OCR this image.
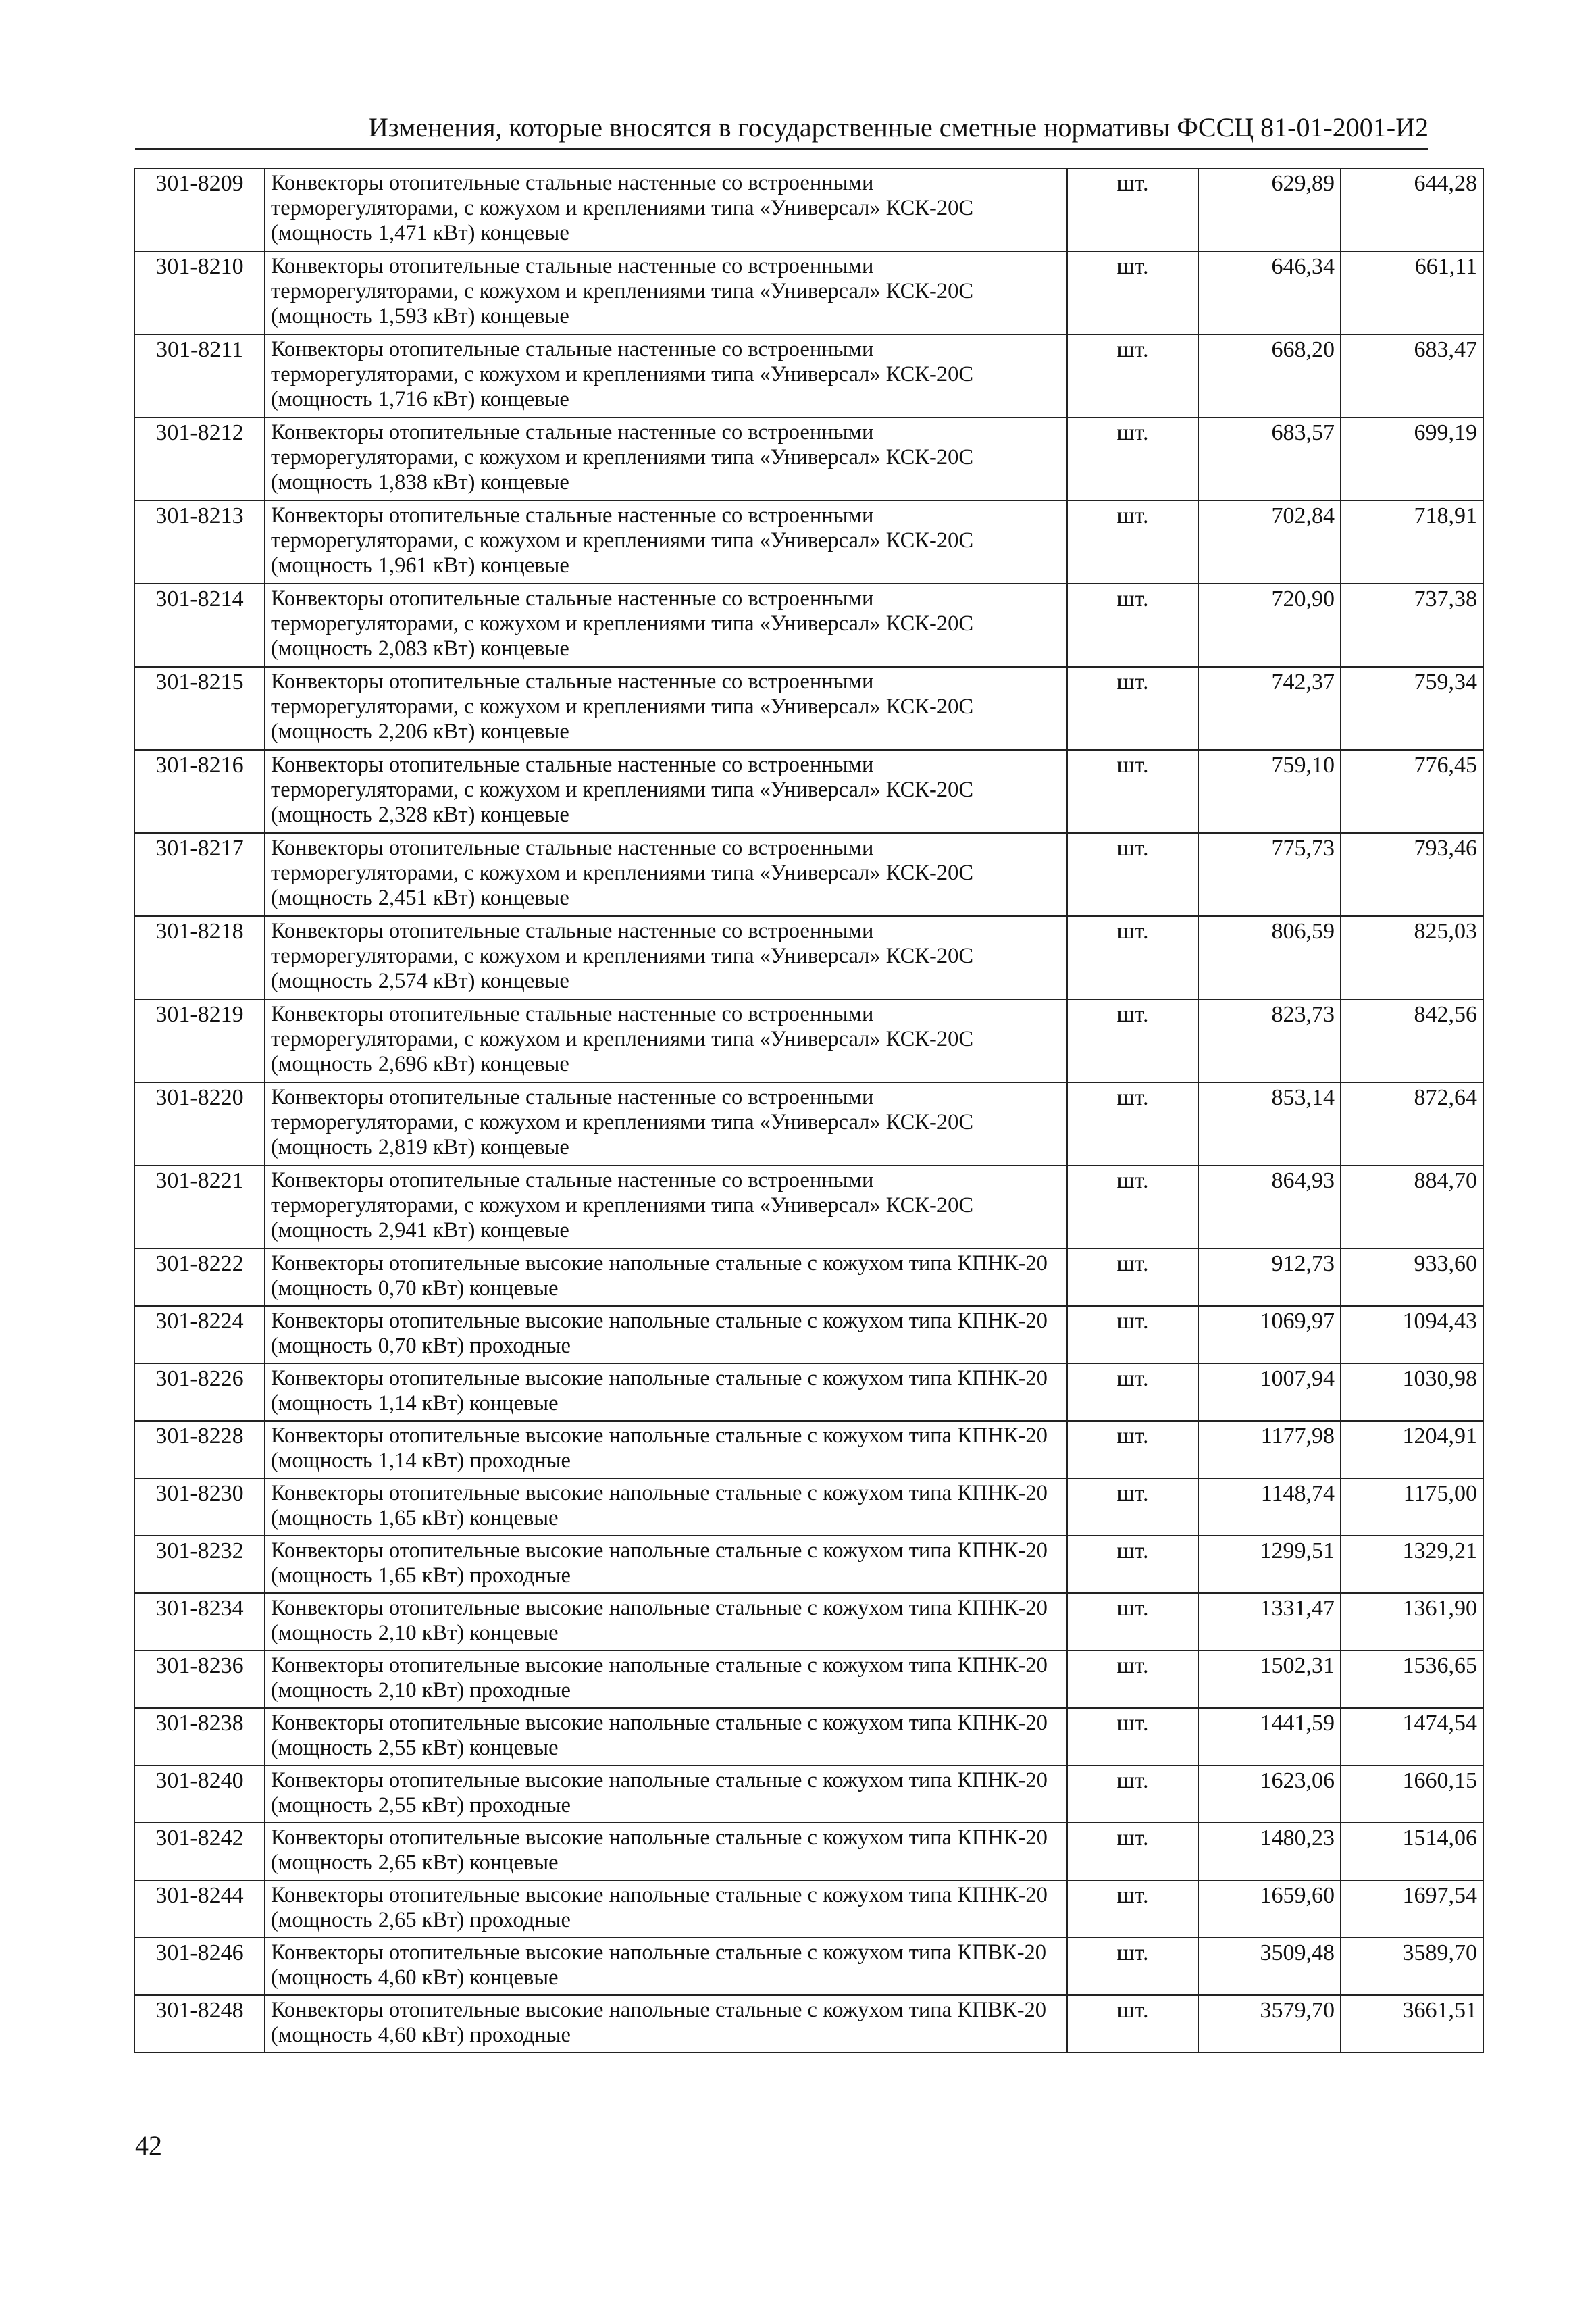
Изменения, которые вносятся в государственные сметные нормативы ФССЦ 81-01-2001-И2
301-8209	Конвекторы отопительные стальные настенные со встроенными терморегуляторами, с кожухом и креплениями типа «Универсал» КСК-20С (мощность 1,471 кВт) концевые	шт.	629,89	644,28
301-8210	Конвекторы отопительные стальные настенные со встроенными терморегуляторами, с кожухом и креплениями типа «Универсал» КСК-20С (мощность 1,593 кВт) концевые	шт.	646,34	661,11
301-8211	Конвекторы отопительные стальные настенные со встроенными терморегуляторами, с кожухом и креплениями типа «Универсал» КСК-20С (мощность 1,716 кВт) концевые	шт.	668,20	683,47
301-8212	Конвекторы отопительные стальные настенные со встроенными терморегуляторами, с кожухом и креплениями типа «Универсал» КСК-20С (мощность 1,838 кВт) концевые	шт.	683,57	699,19
301-8213	Конвекторы отопительные стальные настенные со встроенными терморегуляторами, с кожухом и креплениями типа «Универсал» КСК-20С (мощность 1,961 кВт) концевые	шт.	702,84	718,91
301-8214	Конвекторы отопительные стальные настенные со встроенными терморегуляторами, с кожухом и креплениями типа «Универсал» КСК-20С (мощность 2,083 кВт) концевые	шт.	720,90	737,38
301-8215	Конвекторы отопительные стальные настенные со встроенными терморегуляторами, с кожухом и креплениями типа «Универсал» КСК-20С (мощность 2,206 кВт) концевые	шт.	742,37	759,34
301-8216	Конвекторы отопительные стальные настенные со встроенными терморегуляторами, с кожухом и креплениями типа «Универсал» КСК-20С (мощность 2,328 кВт) концевые	шт.	759,10	776,45
301-8217	Конвекторы отопительные стальные настенные со встроенными терморегуляторами, с кожухом и креплениями типа «Универсал» КСК-20С (мощность 2,451 кВт) концевые	шт.	775,73	793,46
301-8218	Конвекторы отопительные стальные настенные со встроенными терморегуляторами, с кожухом и креплениями типа «Универсал» КСК-20С (мощность 2,574 кВт) концевые	шт.	806,59	825,03
301-8219	Конвекторы отопительные стальные настенные со встроенными терморегуляторами, с кожухом и креплениями типа «Универсал» КСК-20С (мощность 2,696 кВт) концевые	шт.	823,73	842,56
301-8220	Конвекторы отопительные стальные настенные со встроенными терморегуляторами, с кожухом и креплениями типа «Универсал» КСК-20С (мощность 2,819 кВт) концевые	шт.	853,14	872,64
301-8221	Конвекторы отопительные стальные настенные со встроенными терморегуляторами, с кожухом и креплениями типа «Универсал» КСК-20С (мощность 2,941 кВт) концевые	шт.	864,93	884,70
301-8222	Конвекторы отопительные высокие напольные стальные с кожухом типа КПНК-20 (мощность 0,70 кВт) концевые	шт.	912,73	933,60
301-8224	Конвекторы отопительные высокие напольные стальные с кожухом типа КПНК-20 (мощность 0,70 кВт) проходные	шт.	1069,97	1094,43
301-8226	Конвекторы отопительные высокие напольные стальные с кожухом типа КПНК-20 (мощность 1,14 кВт) концевые	шт.	1007,94	1030,98
301-8228	Конвекторы отопительные высокие напольные стальные с кожухом типа КПНК-20 (мощность 1,14 кВт) проходные	шт.	1177,98	1204,91
301-8230	Конвекторы отопительные высокие напольные стальные с кожухом типа КПНК-20 (мощность 1,65 кВт) концевые	шт.	1148,74	1175,00
301-8232	Конвекторы отопительные высокие напольные стальные с кожухом типа КПНК-20 (мощность 1,65 кВт) проходные	шт.	1299,51	1329,21
301-8234	Конвекторы отопительные высокие напольные стальные с кожухом типа КПНК-20 (мощность 2,10 кВт) концевые	шт.	1331,47	1361,90
301-8236	Конвекторы отопительные высокие напольные стальные с кожухом типа КПНК-20 (мощность 2,10 кВт) проходные	шт.	1502,31	1536,65
301-8238	Конвекторы отопительные высокие напольные стальные с кожухом типа КПНК-20 (мощность 2,55 кВт) концевые	шт.	1441,59	1474,54
301-8240	Конвекторы отопительные высокие напольные стальные с кожухом типа КПНК-20 (мощность 2,55 кВт) проходные	шт.	1623,06	1660,15
301-8242	Конвекторы отопительные высокие напольные стальные с кожухом типа КПНК-20 (мощность 2,65 кВт) концевые	шт.	1480,23	1514,06
301-8244	Конвекторы отопительные высокие напольные стальные с кожухом типа КПНК-20 (мощность 2,65 кВт) проходные	шт.	1659,60	1697,54
301-8246	Конвекторы отопительные высокие напольные стальные с кожухом типа КПВК-20 (мощность 4,60 кВт) концевые	шт.	3509,48	3589,70
301-8248	Конвекторы отопительные высокие напольные стальные с кожухом типа КПВК-20 (мощность 4,60 кВт) проходные	шт.	3579,70	3661,51
42
